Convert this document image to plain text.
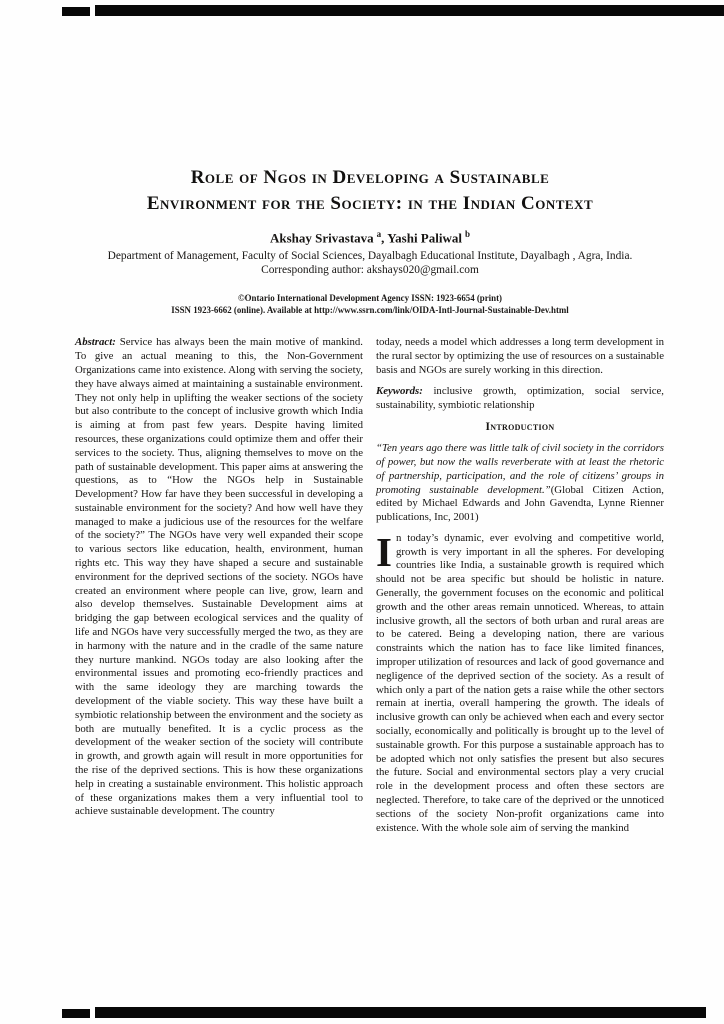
Role of Ngos in Developing a Sustainable
Environment for the Society: in the Indian Context
Akshay Srivastava $^a$, Yashi Paliwal $^b$
Department of Management, Faculty of Social Sciences, Dayalbagh Educational Institute, Dayalbagh , Agra, India.
Corresponding author: akshays020@gmail.com
©Ontario International Development Agency ISSN: 1923-6654 (print)
ISSN 1923-6662 (online). Available at http://www.ssrn.com/link/OIDA-Intl-Journal-Sustainable-Dev.html

Abstract: Service has always been the main motive of mankind. To give an actual meaning to this, the Non-Government Organizations came into existence. Along with serving the society, they have always aimed at maintaining a sustainable environment. They not only help in uplifting the weaker sections of the society but also contribute to the concept of inclusive growth which India is aiming at from past few years. Despite having limited resources, these organizations could optimize them and offer their services to the society. Thus, aligning themselves to move on the path of sustainable development. This paper aims at answering the questions, as to “How the NGOs help in Sustainable Development? How far have they been successful in developing a sustainable environment for the society? And how well have they managed to make a judicious use of the resources for the welfare of the society?” The NGOs have very well expanded their scope to various sectors like education, health, environment, human rights etc. This way they have shaped a secure and sustainable environment for the deprived sections of the society. NGOs have created an environment where people can live, grow, learn and also develop themselves. Sustainable Development aims at bridging the gap between ecological services and the quality of life and NGOs have very successfully merged the two, as they are in harmony with the nature and in the cradle of the same nature they nurture mankind. NGOs today are also looking after the environmental issues and promoting eco-friendly practices and with the same ideology they are marching towards the development of the viable society. This way these have built a symbiotic relationship between the environment and the society as both are mutually benefited. It is a cyclic process as the development of the weaker section of the society will contribute in growth, and growth again will result in more opportunities for the rise of the deprived sections. This is how these organizations help in creating a sustainable environment. This holistic approach of these organizations makes them a very influential tool to achieve sustainable development. The country

today, needs a model which addresses a long term development in the rural sector by optimizing the use of resources on a sustainable basis and NGOs are surely working in this direction.

Keywords: inclusive growth, optimization, social service, sustainability, symbiotic relationship

Introduction

“Ten years ago there was little talk of civil society in the corridors of power, but now the walls reverberate with at least the rhetoric of partnership, participation, and the role of citizens’ groups in promoting sustainable development.”(Global Citizen Action, edited by Michael Edwards and John Gavendta, Lynne Rienner publications, Inc, 2001)

In today’s dynamic, ever evolving and competitive world, growth is very important in all the spheres. For developing countries like India, a sustainable growth is required which should not be area specific but should be holistic in nature. Generally, the government focuses on the economic and political growth and the other areas remain unnoticed. Whereas, to attain inclusive growth, all the sectors of both urban and rural areas are to be catered. Being a developing nation, there are various constraints which the nation has to face like limited finances, improper utilization of resources and lack of good governance and negligence of the deprived section of the society. As a result of which only a part of the nation gets a raise while the other sectors remain at inertia, overall hampering the growth. The ideals of inclusive growth can only be achieved when each and every sector socially, economically and politically is brought up to the level of sustainable growth. For this purpose a sustainable approach has to be adopted which not only satisfies the present but also secures the future. Social and environmental sectors play a very crucial role in the development process and often these sectors are neglected. Therefore, to take care of the deprived or the unnoticed sections of the society Non-profit organizations came into existence. With the whole sole aim of serving the mankind
